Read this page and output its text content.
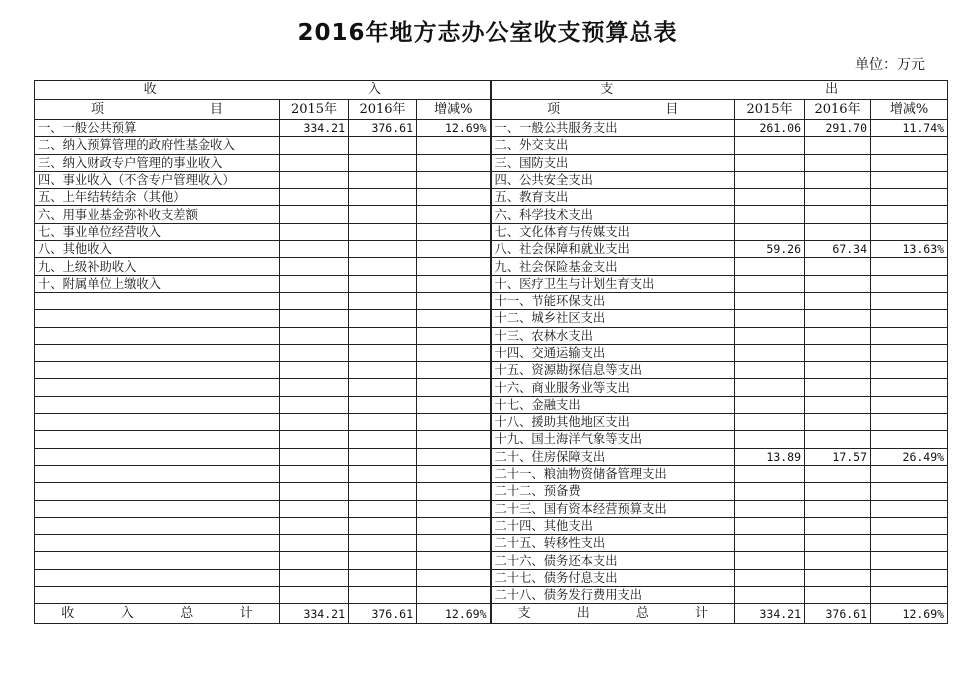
2016年地方志办公室收支预算总表
单位：万元
收 入				支 出			

项 目	2015年	2016年	增减%	项 目	2015年	2016年	增减%
一、一般公共预算	334.21	376.61	12.69%	一、一般公共服务支出	261.06	291.70	11.74%
二、纳入预算管理的政府性基金收入				二、外交支出			
三、纳入财政专户管理的事业收入				三、国防支出			
四、事业收入（不含专户管理收入）				四、公共安全支出			
五、上年结转结余（其他）				五、教育支出			
六、用事业基金弥补收支差额				六、科学技术支出			
七、事业单位经营收入				七、文化体育与传媒支出			
八、其他收入				八、社会保障和就业支出	59.26	67.34	13.63%
九、上级补助收入				九、社会保险基金支出			
十、附属单位上缴收入				十、医疗卫生与计划生育支出			
				十一、节能环保支出			
				十二、城乡社区支出			
				十三、农林水支出			
				十四、交通运输支出			
				十五、资源勘探信息等支出			
				十六、商业服务业等支出			
				十七、金融支出			
				十八、援助其他地区支出			
				十九、国土海洋气象等支出			
				二十、住房保障支出	13.89	17.57	26.49%
				二十一、粮油物资储备管理支出			
				二十二、预备费			
				二十三、国有资本经营预算支出			
				二十四、其他支出			
				二十五、转移性支出			
				二十六、债务还本支出			
				二十七、债务付息支出			
				二十八、债务发行费用支出			

收 入 总 计	334.21	376.61	12.69%	支 出 总 计	334.21	376.61	12.69%
